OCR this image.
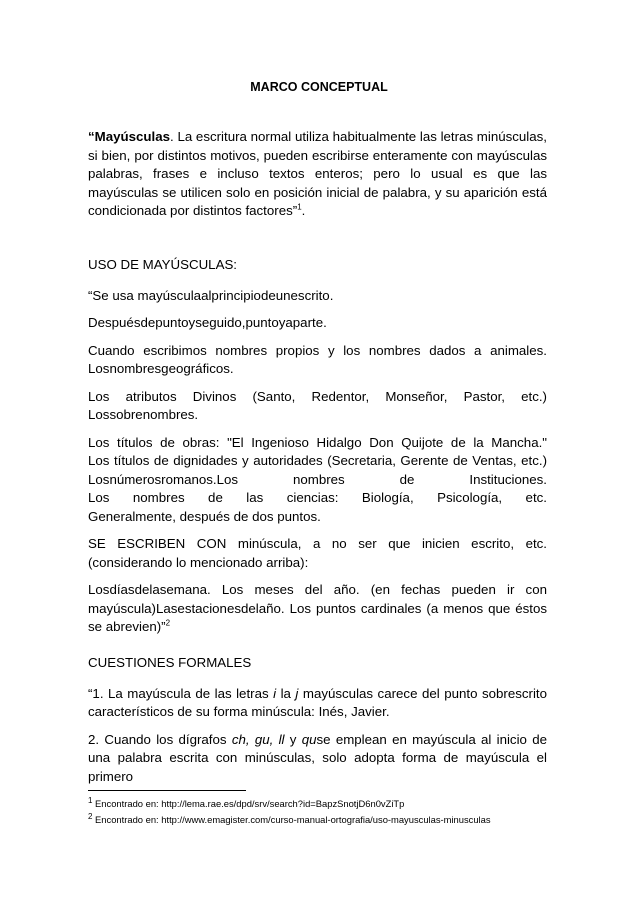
MARCO CONCEPTUAL

“Mayúsculas. La escritura normal utiliza habitualmente las letras minúsculas, si bien, por distintos motivos, pueden escribirse enteramente con mayúsculas palabras, frases e incluso textos enteros; pero lo usual es que las mayúsculas se utilicen solo en posición inicial de palabra, y su aparición está condicionada por distintos factores”$^1$.

USO DE MAYÚSCULAS:

“Se usa mayúsculaalprincipiodeunescrito.

Despuésdepuntoyseguido,puntoyaparte.

Cuando escribimos nombres propios y los nombres dados a animales.
Losnombresgeográficos.

Los atributos Divinos (Santo, Redentor, Monseñor, Pastor, etc.)
Lossobrenombres.

Los títulos de obras: "El Ingenioso Hidalgo Don Quijote de la Mancha."
Los títulos de dignidades y autoridades (Secretaria, Gerente de Ventas, etc.)
Losnúmerosromanos.Los nombres de Instituciones.
Los nombres de las ciencias: Biología, Psicología, etc.
Generalmente, después de dos puntos.

SE ESCRIBEN CON minúscula, a no ser que inicien escrito, etc. (considerando lo mencionado arriba):

Losdíasdelasemana. Los meses del año. (en fechas pueden ir con mayúscula)Lasestacionesdelaño. Los puntos cardinales (a menos que éstos se abrevien)”$^2$

CUESTIONES FORMALES

“1. La mayúscula de las letras i la j mayúsculas carece del punto sobrescrito característicos de su forma minúscula: Inés, Javier.

2. Cuando los dígrafos ch, gu, ll y quse emplean en mayúscula al inicio de una palabra escrita con minúsculas, solo adopta forma de mayúscula el primero

$^1$ Encontrado en: http://lema.rae.es/dpd/srv/search?id=BapzSnotjD6n0vZiTp
$^2$ Encontrado en: http://www.emagister.com/curso-manual-ortografia/uso-mayusculas-minusculas
